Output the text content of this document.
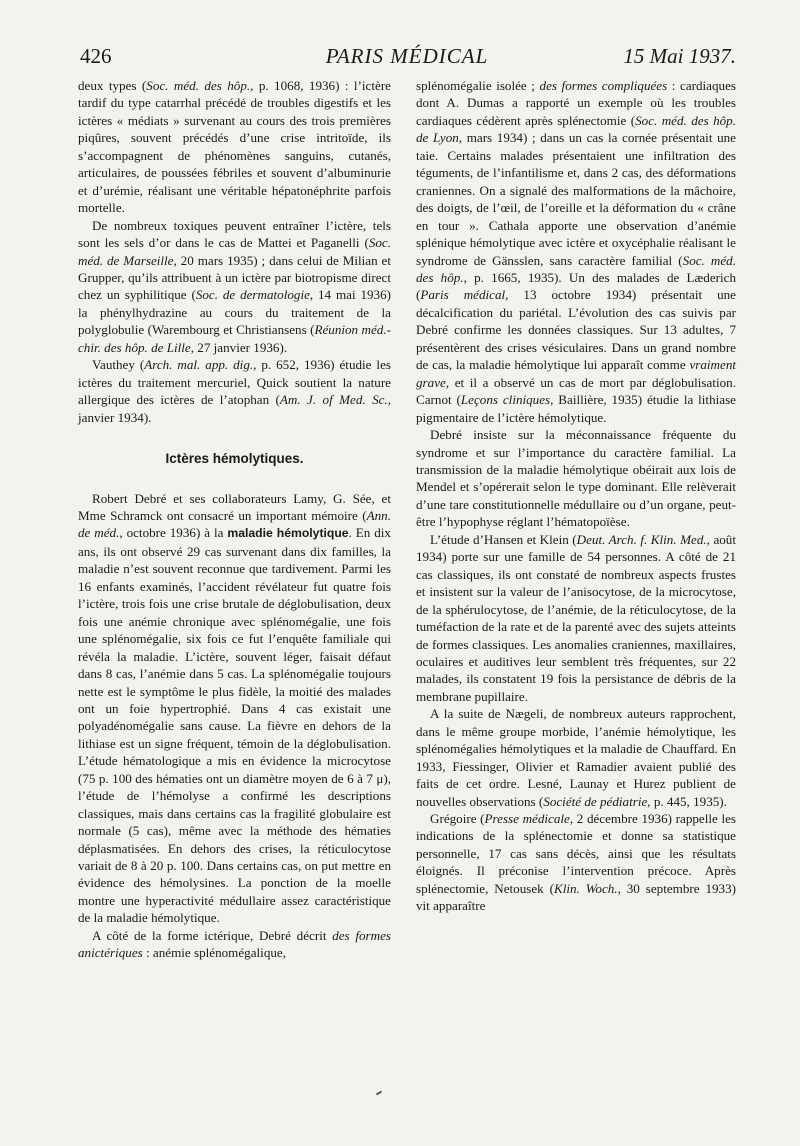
426	PARIS MÉDICAL	15 Mai 1937.

deux types (Soc. méd. des hôp., p. 1068, 1936) : l’ictère tardif du type catarrhal précédé de troubles digestifs et les ictères « médiats » survenant au cours des trois premières piqûres, souvent précédés d’une crise intritoïde, ils s’accompagnent de phénomènes sanguins, cutanés, articulaires, de poussées fébriles et souvent d’albuminurie et d’urémie, réalisant une véritable hépatonéphrite parfois mortelle.

De nombreux toxiques peuvent entraîner l’ictère, tels sont les sels d’or dans le cas de Mattei et Paganelli (Soc. méd. de Marseille, 20 mars 1935) ; dans celui de Milian et Grupper, qu’ils attribuent à un ictère par biotropisme direct chez un syphilitique (Soc. de dermatologie, 14 mai 1936) la phénylhydrazine au cours du traitement de la polyglobulie (Warembourg et Christiansens (Réunion méd.-chir. des hôp. de Lille, 27 janvier 1936).

Vauthey (Arch. mal. app. dig., p. 652, 1936) étudie les ictères du traitement mercuriel, Quick soutient la nature allergique des ictères de l’atophan (Am. J. of Med. Sc., janvier 1934).

Ictères hémolytiques.

Robert Debré et ses collaborateurs Lamy, G. Sée, et Mme Schramck ont consacré un important mémoire (Ann. de méd., octobre 1936) à la maladie hémolytique. En dix ans, ils ont observé 29 cas survenant dans dix familles, la maladie n’est souvent reconnue que tardivement. Parmi les 16 enfants examinés, l’accident révélateur fut quatre fois l’ictère, trois fois une crise brutale de déglobulisation, deux fois une anémie chronique avec splénomégalie, une fois une splénomégalie, six fois ce fut l’enquête familiale qui révéla la maladie. L’ictère, souvent léger, faisait défaut dans 8 cas, l’anémie dans 5 cas. La splénomégalie toujours nette est le symptôme le plus fidèle, la moitié des malades ont un foie hypertrophié. Dans 4 cas existait une polyadénomégalie sans cause. La fièvre en dehors de la lithiase est un signe fréquent, témoin de la déglobulisation. L’étude hématologique a mis en évidence la microcytose (75 p. 100 des hématies ont un diamètre moyen de 6 à 7 μ), l’étude de l’hémolyse a confirmé les descriptions classiques, mais dans certains cas la fragilité globulaire est normale (5 cas), même avec la méthode des hématies déplasmatisées. En dehors des crises, la réticulocytose variait de 8 à 20 p. 100. Dans certains cas, on put mettre en évidence des hémolysines. La ponction de la moelle montre une hyperactivité médullaire assez caractéristique de la maladie hémolytique.

A côté de la forme ictérique, Debré décrit des formes anictériques : anémie splénomégalique,

splénomégalie isolée ; des formes compliquées : cardiaques dont A. Dumas a rapporté un exemple où les troubles cardiaques cédèrent après splénectomie (Soc. méd. des hôp. de Lyon, mars 1934) ; dans un cas la cornée présentait une taie. Certains malades présentaient une infiltration des téguments, de l’infantilisme et, dans 2 cas, des déformations craniennes. On a signalé des malformations de la mâchoire, des doigts, de l’œil, de l’oreille et la déformation du « crâne en tour ». Cathala apporte une observation d’anémie splénique hémolytique avec ictère et oxycéphalie réalisant le syndrome de Gänsslen, sans caractère familial (Soc. méd. des hôp., p. 1665, 1935). Un des malades de Læderich (Paris médical, 13 octobre 1934) présentait une décalcification du pariétal. L’évolution des cas suivis par Debré confirme les données classiques. Sur 13 adultes, 7 présentèrent des crises vésiculaires. Dans un grand nombre de cas, la maladie hémolytique lui apparaît comme vraiment grave, et il a observé un cas de mort par déglobulisation. Carnot (Leçons cliniques, Baillière, 1935) étudie la lithiase pigmentaire de l’ictère hémolytique.

Debré insiste sur la méconnaissance fréquente du syndrome et sur l’importance du caractère familial. La transmission de la maladie hémolytique obéirait aux lois de Mendel et s’opérerait selon le type dominant. Elle relèverait d’une tare constitutionnelle médullaire ou d’un organe, peut-être l’hypophyse réglant l’hématopoïèse.

L’étude d’Hansen et Klein (Deut. Arch. f. Klin. Med., août 1934) porte sur une famille de 54 personnes. A côté de 21 cas classiques, ils ont constaté de nombreux aspects frustes et insistent sur la valeur de l’anisocytose, de la microcytose, de la sphérulocytose, de l’anémie, de la réticulocytose, de la tuméfaction de la rate et de la parenté avec des sujets atteints de formes classiques. Les anomalies craniennes, maxillaires, oculaires et auditives leur semblent très fréquentes, sur 22 malades, ils constatent 19 fois la persistance de débris de la membrane pupillaire.

A la suite de Nægeli, de nombreux auteurs rapprochent, dans le même groupe morbide, l’anémie hémolytique, les splénomégalies hémolytiques et la maladie de Chauffard. En 1933, Fiessinger, Olivier et Ramadier avaient publié des faits de cet ordre. Lesné, Launay et Hurez publient de nouvelles observations (Société de pédiatrie, p. 445, 1935).

Grégoire (Presse médicale, 2 décembre 1936) rappelle les indications de la splénectomie et donne sa statistique personnelle, 17 cas sans décès, ainsi que les résultats éloignés. Il préconise l’intervention précoce. Après splénectomie, Netousek (Klin. Woch., 30 septembre 1933) vit apparaître
